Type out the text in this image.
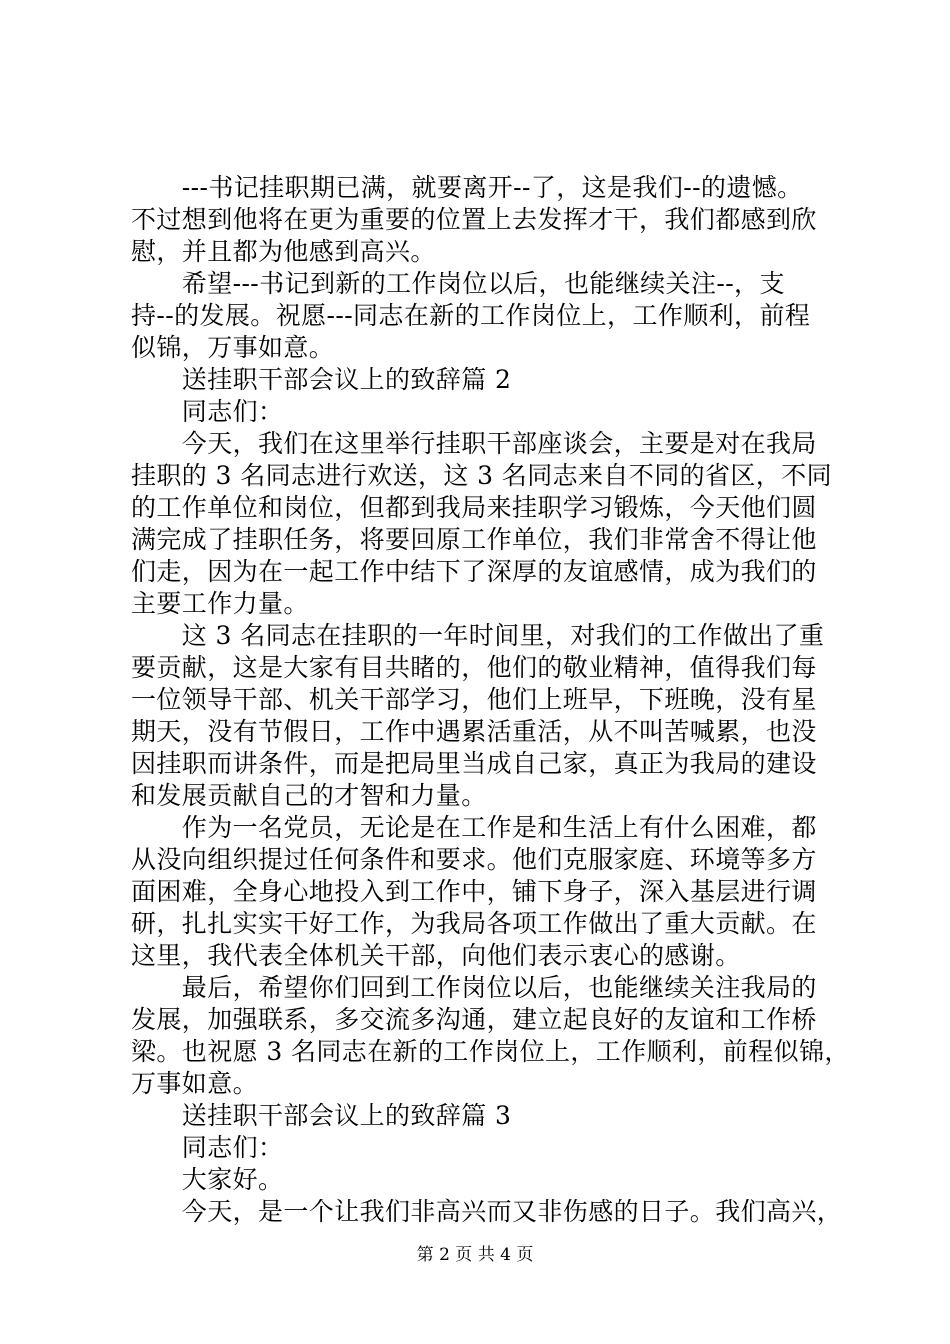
　　---书记挂职期已满，就要离开--了，这是我们--的遗憾。
不过想到他将在更为重要的位置上去发挥才干，我们都感到欣
慰，并且都为他感到高兴。
　　希望---书记到新的工作岗位以后，也能继续关注--，支
持--的发展。祝愿---同志在新的工作岗位上，工作顺利，前程
似锦，万事如意。
　　送挂职干部会议上的致辞篇 2
　　同志们：
　　今天，我们在这里举行挂职干部座谈会，主要是对在我局
挂职的 3 名同志进行欢送，这 3 名同志来自不同的省区，不同
的工作单位和岗位，但都到我局来挂职学习锻炼，今天他们圆
满完成了挂职任务，将要回原工作单位，我们非常舍不得让他
们走，因为在一起工作中结下了深厚的友谊感情，成为我们的
主要工作力量。
　　这 3 名同志在挂职的一年时间里，对我们的工作做出了重
要贡献，这是大家有目共睹的，他们的敬业精神，值得我们每
一位领导干部、机关干部学习，他们上班早，下班晚，没有星
期天，没有节假日，工作中遇累活重活，从不叫苦喊累，也没
因挂职而讲条件，而是把局里当成自己家，真正为我局的建设
和发展贡献自己的才智和力量。
　　作为一名党员，无论是在工作是和生活上有什么困难，都
从没向组织提过任何条件和要求。他们克服家庭、环境等多方
面困难，全身心地投入到工作中，铺下身子，深入基层进行调
研，扎扎实实干好工作，为我局各项工作做出了重大贡献。在
这里，我代表全体机关干部，向他们表示衷心的感谢。
　　最后，希望你们回到工作岗位以后，也能继续关注我局的
发展，加强联系，多交流多沟通，建立起良好的友谊和工作桥
梁。也祝愿 3 名同志在新的工作岗位上，工作顺利，前程似锦，
万事如意。
　　送挂职干部会议上的致辞篇 3
　　同志们：
　　大家好。
　　今天，是一个让我们非高兴而又非伤感的日子。我们高兴，
第 2 页 共 4 页
